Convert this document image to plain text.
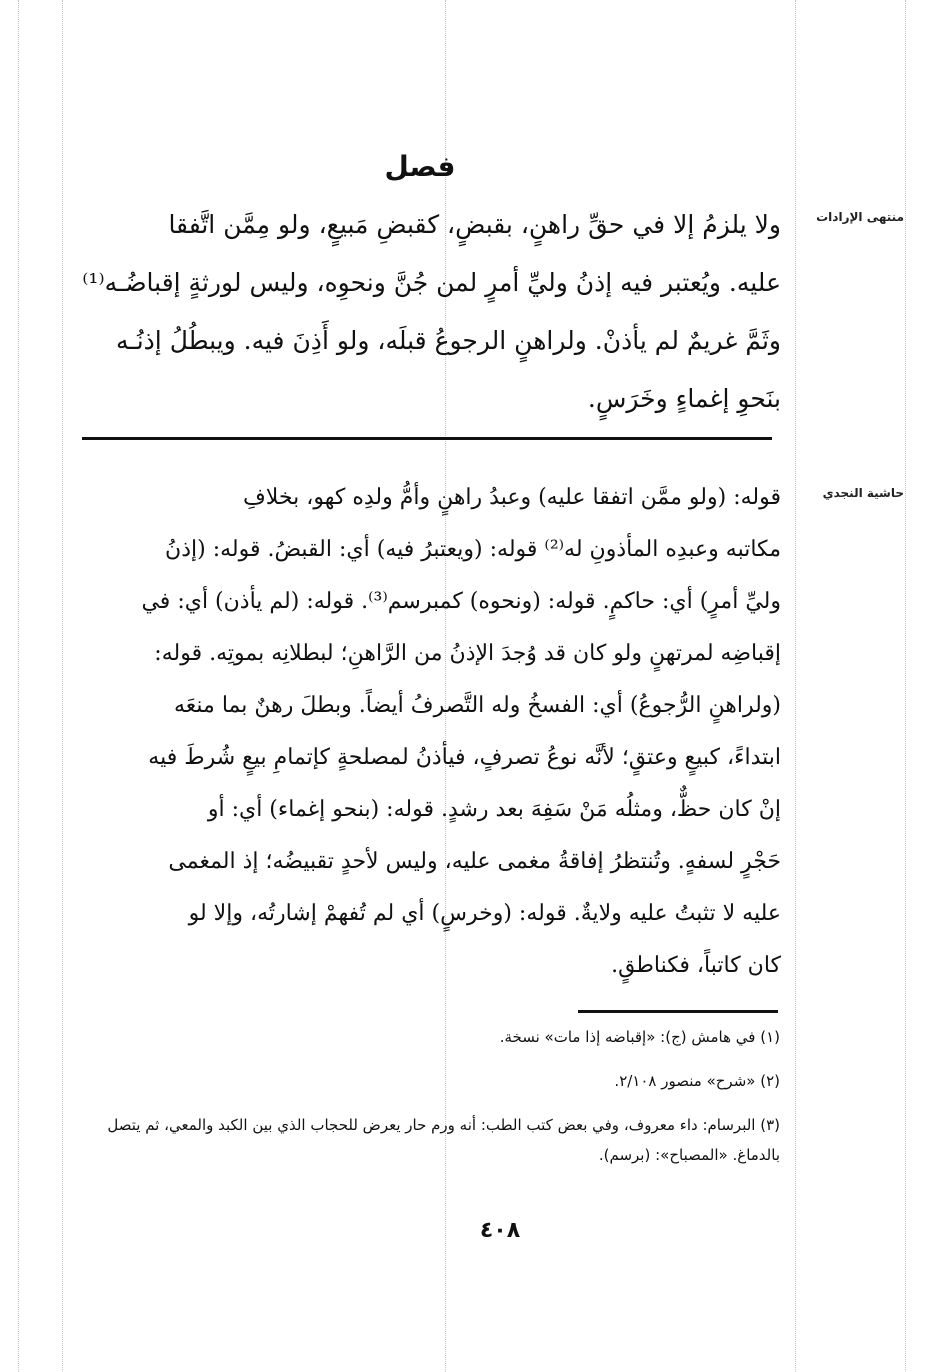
فصل
منتهى الإرادات
حاشية النجدي

ولا يلزمُ إلا في حقِّ راهنٍ، بقبضٍ، كقبضِ مَبيعٍ، ولو مِمَّن اتَّفقا
عليه. ويُعتبر فيه إذنُ وليِّ أمرٍ لمن جُنَّ ونحوِه، وليس لورثةٍ إقباضُـه⁽¹⁾
وثَمَّ غريمٌ لم يأذنْ. ولراهنٍ الرجوعُ قبلَه، ولو أَذِنَ فيه. ويبطُلُ إذنُـه
بنَحوِ إغماءٍ وخَرَسٍ.

قوله: (ولو ممَّن اتفقا عليه) وعبدُ راهنٍ وأمُّ ولدِه كهو، بخلافِ
مكاتبه وعبدِه المأذونِ له⁽²⁾ قوله: (ويعتبرُ فيه) أي: القبضُ. قوله: (إذنُ
وليِّ أمرٍ) أي: حاكمٍ. قوله: (ونحوه) كمبرسم⁽³⁾. قوله: (لم يأذن) أي: في
إقباضِه لمرتهنٍ ولو كان قد وُجدَ الإذنُ من الرَّاهنِ؛ لبطلانِه بموتِه. قوله:
(ولراهنٍ الرُّجوعُ) أي: الفسخُ وله التَّصرفُ أيضاً. وبطلَ رهنٌ بما منعَه
ابتداءً، كبيعٍ وعتقٍ؛ لأنَّه نوعُ تصرفٍ، فيأذنُ لمصلحةٍ كإتمامِ بيعٍ شُرطَ فيه
إنْ كان حظٌّ، ومثلُه مَنْ سَفِهَ بعد رشدٍ. قوله: (بنحو إغماء) أي: أو
حَجْرٍ لسفهٍ. وتُنتظرُ إفاقةُ مغمى عليه، وليس لأحدٍ تقبيضُه؛ إذ المغمى
عليه لا تثبتُ عليه ولايةٌ. قوله: (وخرسٍ) أي لم تُفهمْ إشارتُه، وإلا لو
كان كاتباً، فكناطقٍ.

(١) في هامش (ج): «إقباضه إذا مات» نسخة.

(٢) «شرح» منصور ٢/١٠٨.

(٣) البرسام: داء معروف، وفي بعض كتب الطب: أنه ورم حار يعرض للحجاب الذي بين الكبد والمعي، ثم يتصل بالدماغ. «المصباح»: (برسم).

٤٠٨
